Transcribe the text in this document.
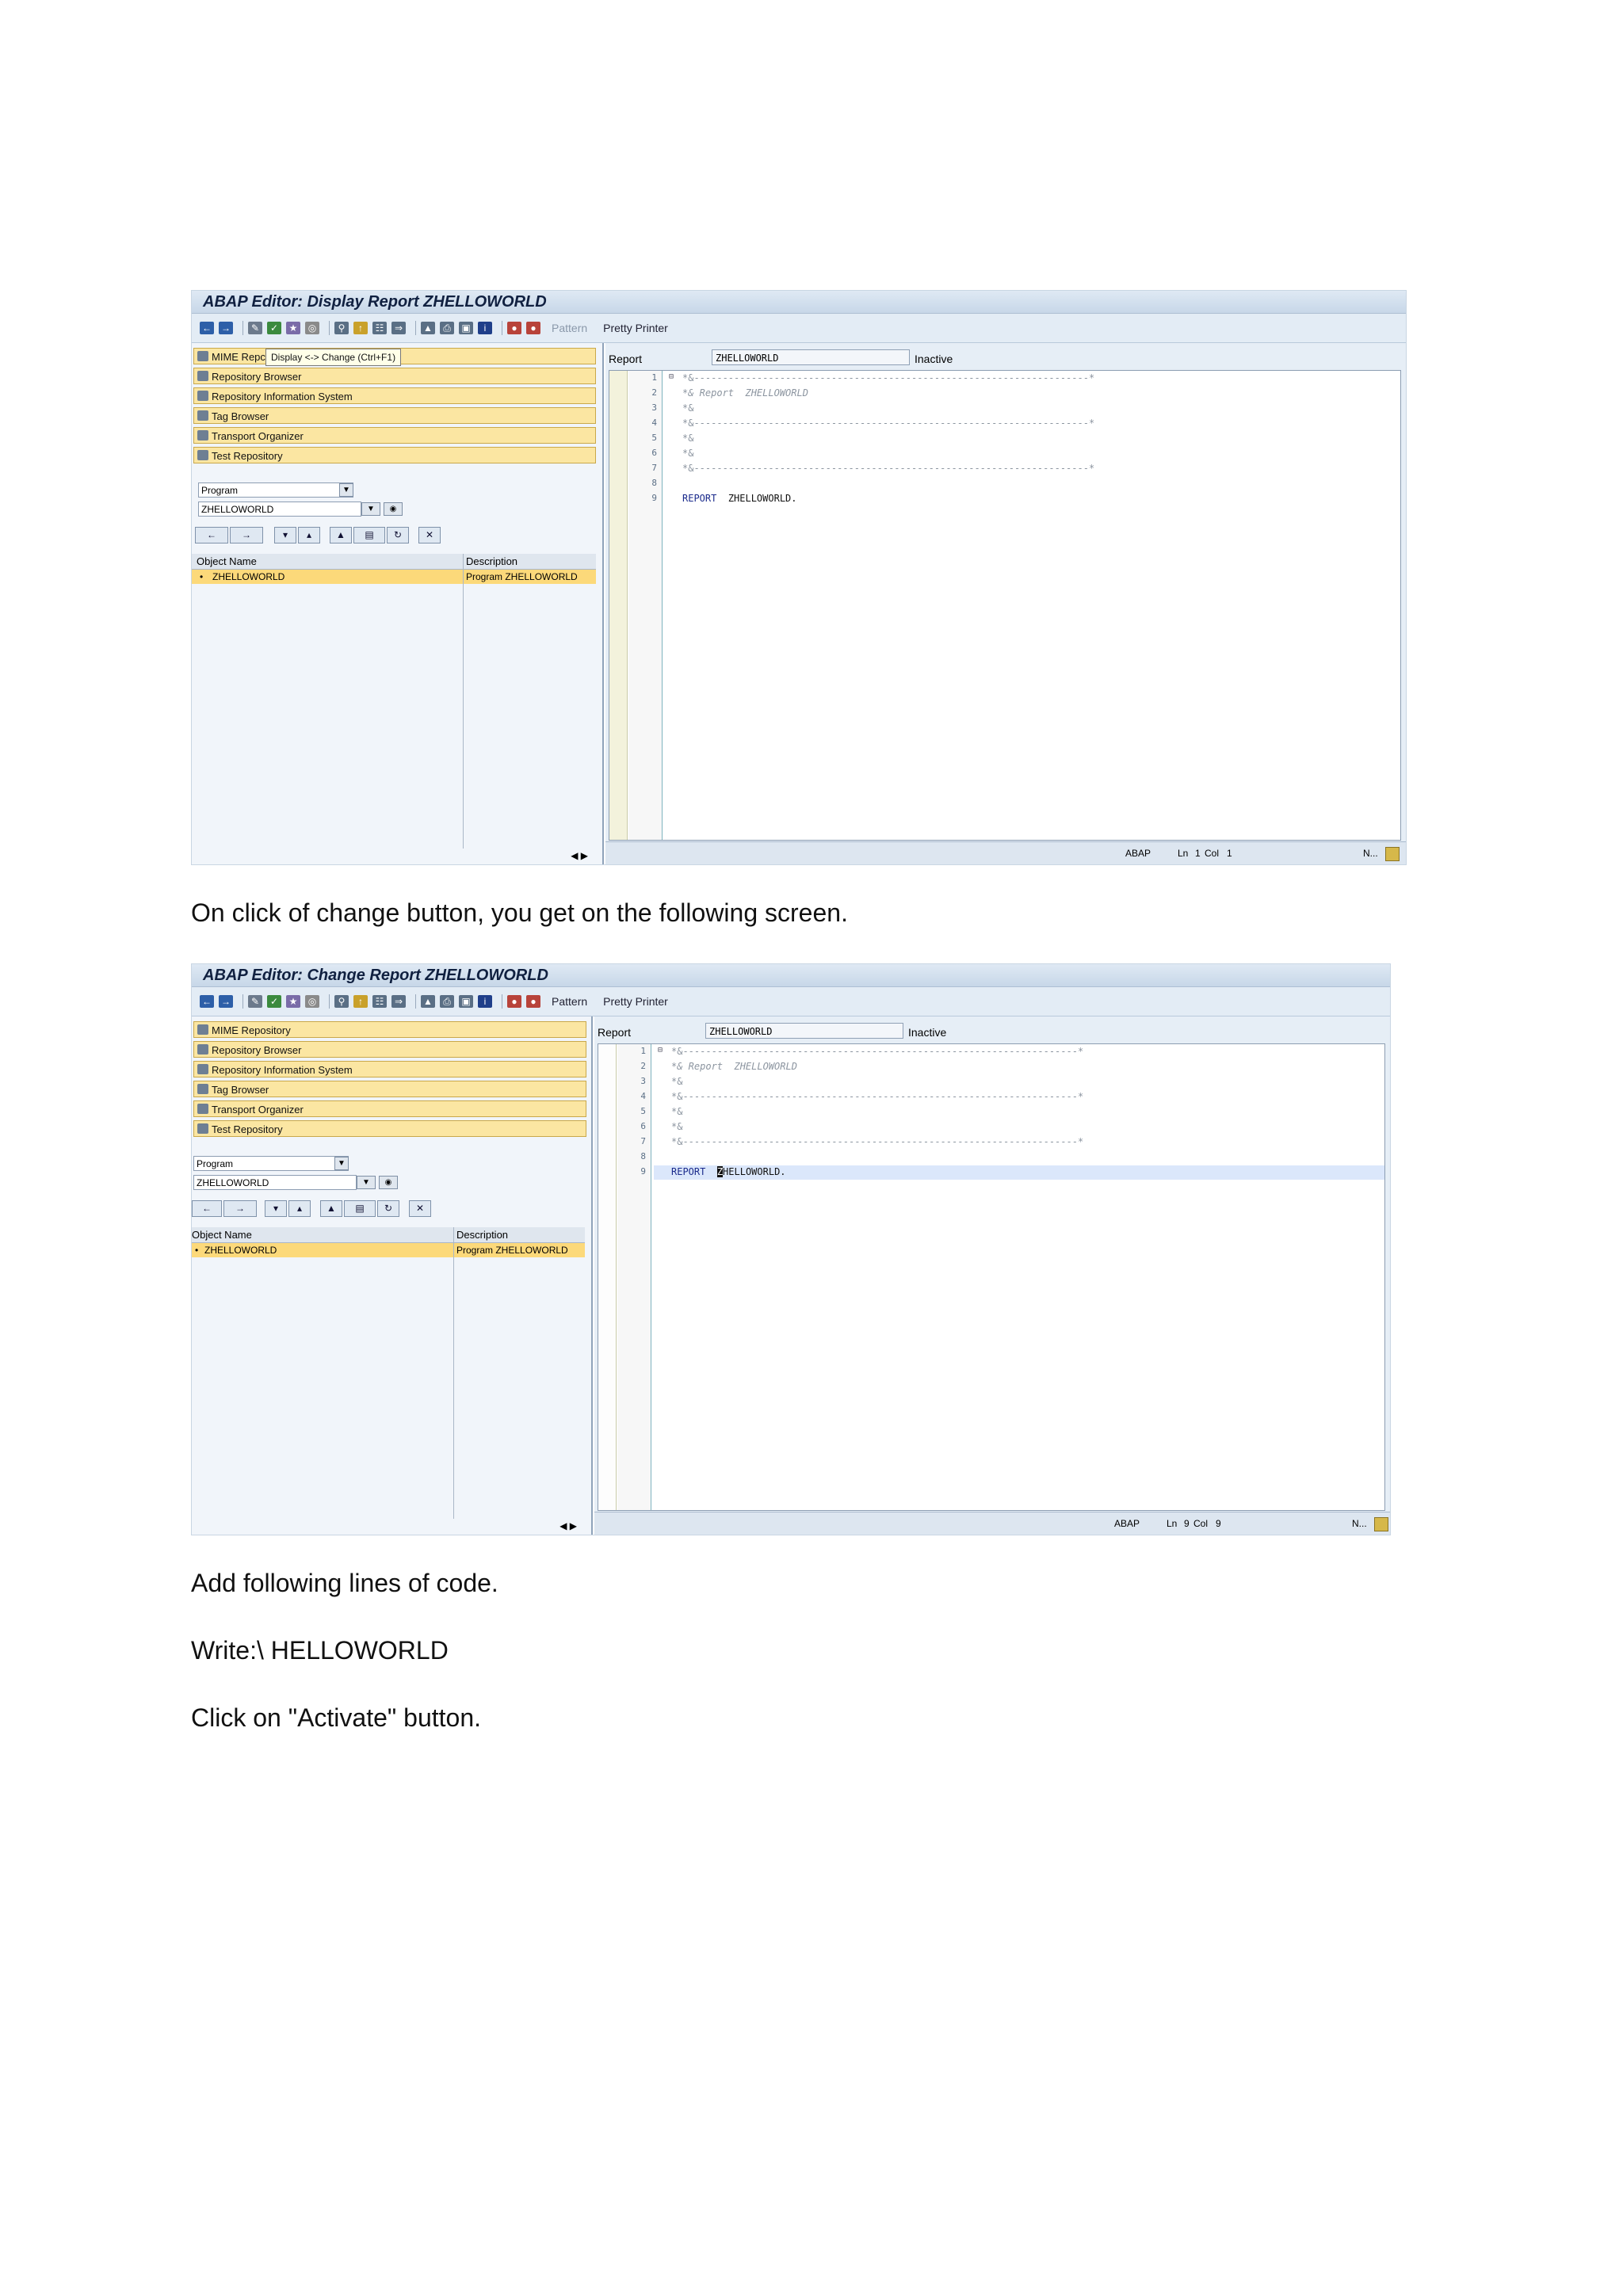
ABAP Editor: Display Report ZHELLOWORLD
← →	✎	✓	★	◎	⚲	↑	☷	⇒	▲	⎙	▣	i	●	●	Pattern Pretty Printer
MIME Repc Display <-> Change (Ctrl+F1)
Repository Browser
Repository Information System
Tag Browser
Transport Organizer
Test Repository
Program	▼
ZHELLOWORLD	▼	◉
←	→	▾	▴	▲	▤	↻	✕
Object Name	Description
• ZHELLOWORLD	Program ZHELLOWORLD
◀ ▶
Report	ZHELLOWORLD	Inactive
1
2
3
4
5
6
7
8
9
⊟ *&---------------------------------------------------------------------*
*& Report  ZHELLOWORLD
*&
*&---------------------------------------------------------------------*
*&
*&
*&---------------------------------------------------------------------*
REPORT ZHELLOWORLD.
ABAP	Ln 1 Col 1	N...
On click of change button, you get on the following screen.
ABAP Editor: Change Report ZHELLOWORLD
← →	✎	✓	★	◎	⚲	↑	☷	⇒	▲	⎙	▣	i	●	●	Pattern Pretty Printer
MIME Repository
Repository Browser
Repository Information System
Tag Browser
Transport Organizer
Test Repository
Program	▼
ZHELLOWORLD	▼	◉
←	→	▾	▴	▲	▤	↻	✕
Object Name	Description
• ZHELLOWORLD	Program ZHELLOWORLD
◀ ▶
Report	ZHELLOWORLD	Inactive
1
2
3
4
5
6
7
8
9
⊟ *&---------------------------------------------------------------------*
*& Report  ZHELLOWORLD
*&
*&---------------------------------------------------------------------*
*&
*&
*&---------------------------------------------------------------------*
REPORT ZHELLOWORLD.
ABAP	Ln 9 Col 9	N...
Add following lines of code.
Write:\ HELLOWORLD
Click on "Activate" button.
